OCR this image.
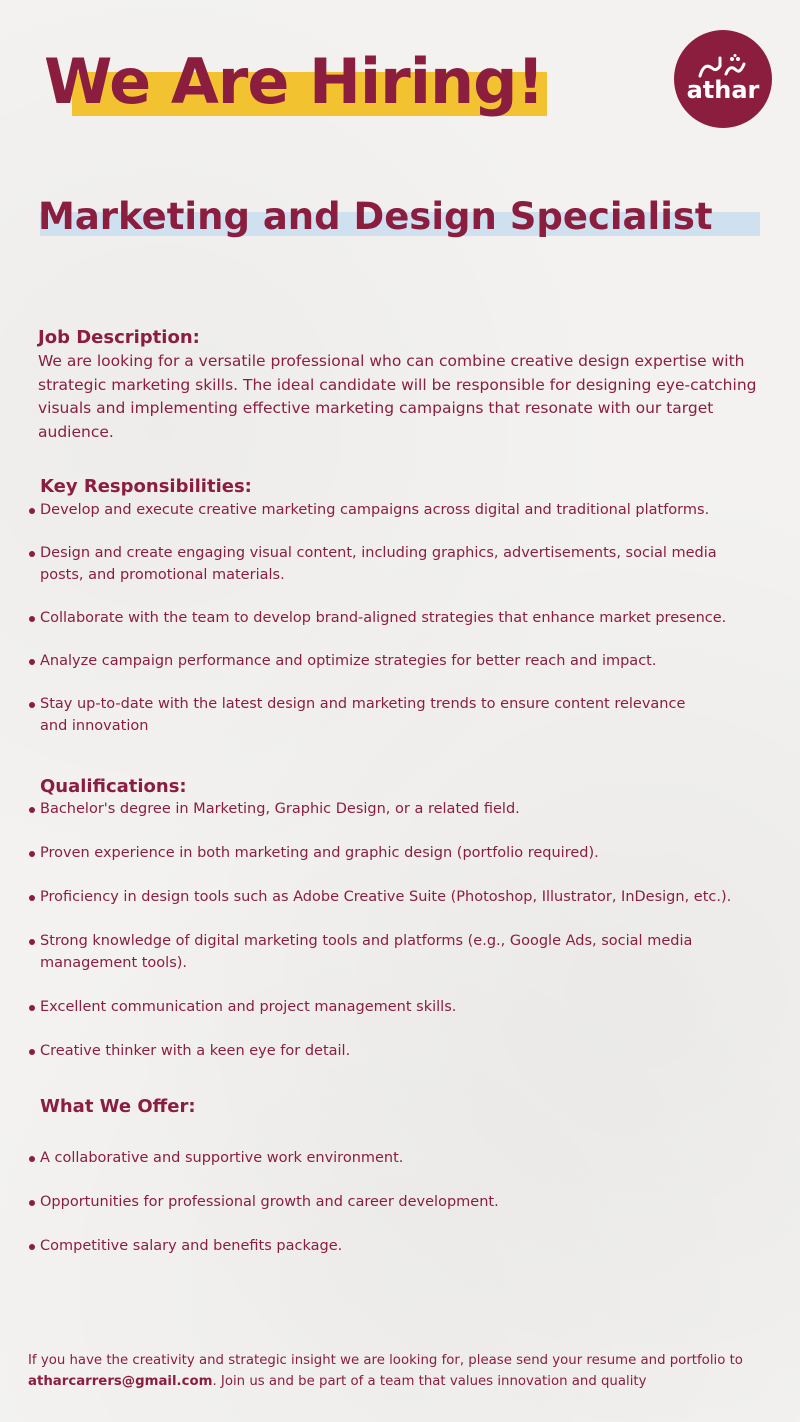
We Are Hiring!	athar
Marketing and Design Specialist
Job Description:

We are looking for a versatile professional who can combine creative design expertise with strategic marketing skills. The ideal candidate will be responsible for designing eye-catching visuals and implementing effective marketing campaigns that resonate with our target audience.

Key Responsibilities:
Develop and execute creative marketing campaigns across digital and traditional platforms.
Design and create engaging visual content, including graphics, advertisements, social media
posts, and promotional materials.
Collaborate with the team to develop brand-aligned strategies that enhance market presence.
Analyze campaign performance and optimize strategies for better reach and impact.
Stay up-to-date with the latest design and marketing trends to ensure content relevance
and innovation
Qualifications:
Bachelor's degree in Marketing, Graphic Design, or a related field.
Proven experience in both marketing and graphic design (portfolio required).
Proficiency in design tools such as Adobe Creative Suite (Photoshop, Illustrator, InDesign, etc.).
Strong knowledge of digital marketing tools and platforms (e.g., Google Ads, social media
management tools).
Excellent communication and project management skills.
Creative thinker with a keen eye for detail.
What We Offer:
A collaborative and supportive work environment.
Opportunities for professional growth and career development.
Competitive salary and benefits package.

If you have the creativity and strategic insight we are looking for, please send your resume and portfolio to atharcarrers@gmail.com. Join us and be part of a team that values innovation and quality
